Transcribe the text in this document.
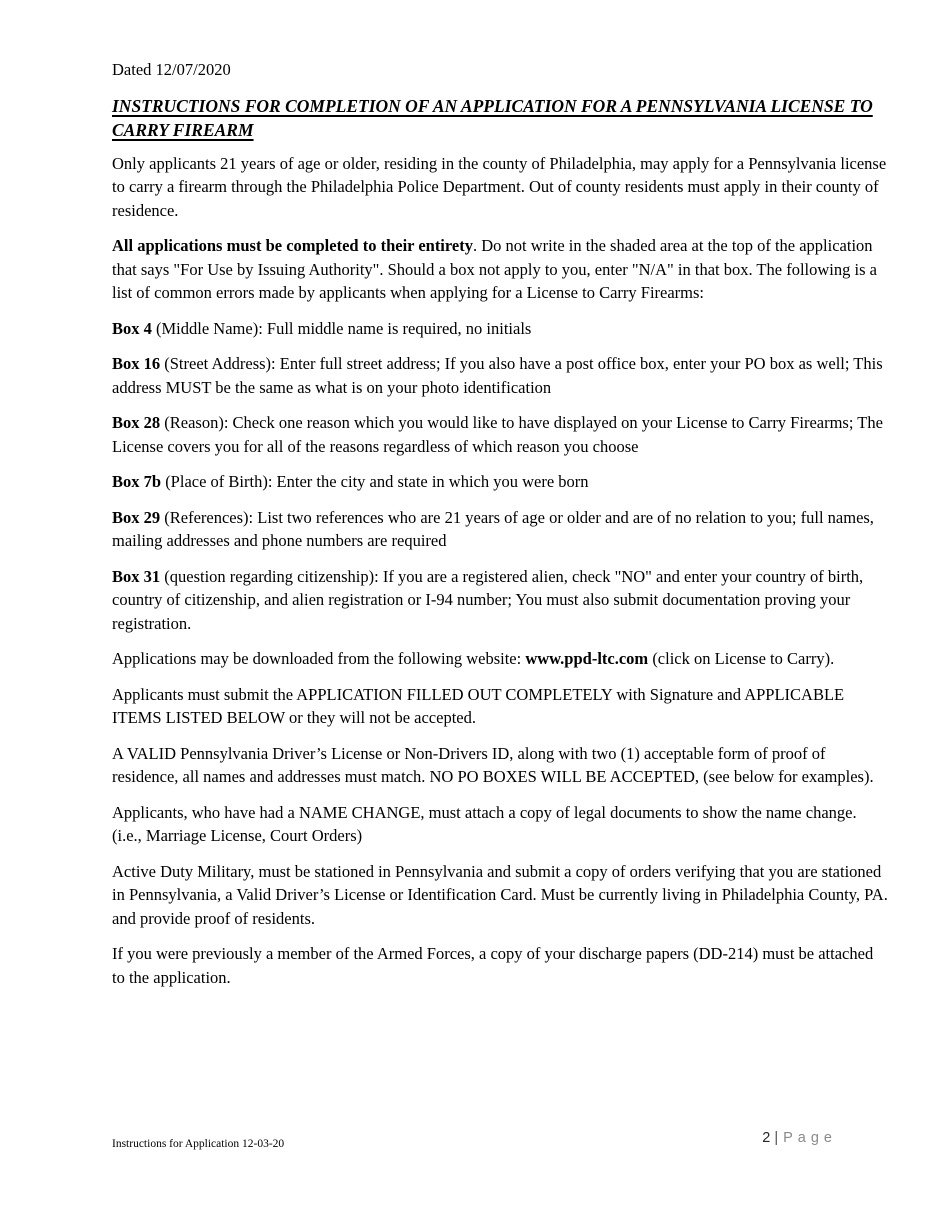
Dated 12/07/2020

INSTRUCTIONS FOR COMPLETION OF AN APPLICATION FOR A PENNSYLVANIA LICENSE TO CARRY FIREARM

Only applicants 21 years of age or older, residing in the county of Philadelphia, may apply for a Pennsylvania license to carry a firearm through the Philadelphia Police Department. Out of county residents must apply in their county of residence.

All applications must be completed to their entirety. Do not write in the shaded area at the top of the application that says "For Use by Issuing Authority". Should a box not apply to you, enter "N/A" in that box. The following is a list of common errors made by applicants when applying for a License to Carry Firearms:

Box 4 (Middle Name): Full middle name is required, no initials

Box 16 (Street Address): Enter full street address; If you also have a post office box, enter your PO box as well; This address MUST be the same as what is on your photo identification

Box 28 (Reason): Check one reason which you would like to have displayed on your License to Carry Firearms; The License covers you for all of the reasons regardless of which reason you choose

Box 7b (Place of Birth): Enter the city and state in which you were born

Box 29 (References): List two references who are 21 years of age or older and are of no relation to you; full names, mailing addresses and phone numbers are required

Box 31 (question regarding citizenship): If you are a registered alien, check "NO" and enter your country of birth, country of citizenship, and alien registration or I-94 number; You must also submit documentation proving your registration.

Applications may be downloaded from the following website: www.ppd-ltc.com (click on License to Carry).

Applicants must submit the APPLICATION FILLED OUT COMPLETELY with Signature and APPLICABLE ITEMS LISTED BELOW or they will not be accepted.

A VALID Pennsylvania Driver’s License or Non-Drivers ID, along with two (1) acceptable form of proof of residence, all names and addresses must match. NO PO BOXES WILL BE ACCEPTED, (see below for examples).

Applicants, who have had a NAME CHANGE, must attach a copy of legal documents to show the name change. (i.e., Marriage License, Court Orders)

Active Duty Military, must be stationed in Pennsylvania and submit a copy of orders verifying that you are stationed in Pennsylvania, a Valid Driver’s License or Identification Card. Must be currently living in Philadelphia County, PA. and provide proof of residents.

If you were previously a member of the Armed Forces, a copy of your discharge papers (DD-214) must be attached to the application.

Instructions for Application 12-03-20	2 | Page
